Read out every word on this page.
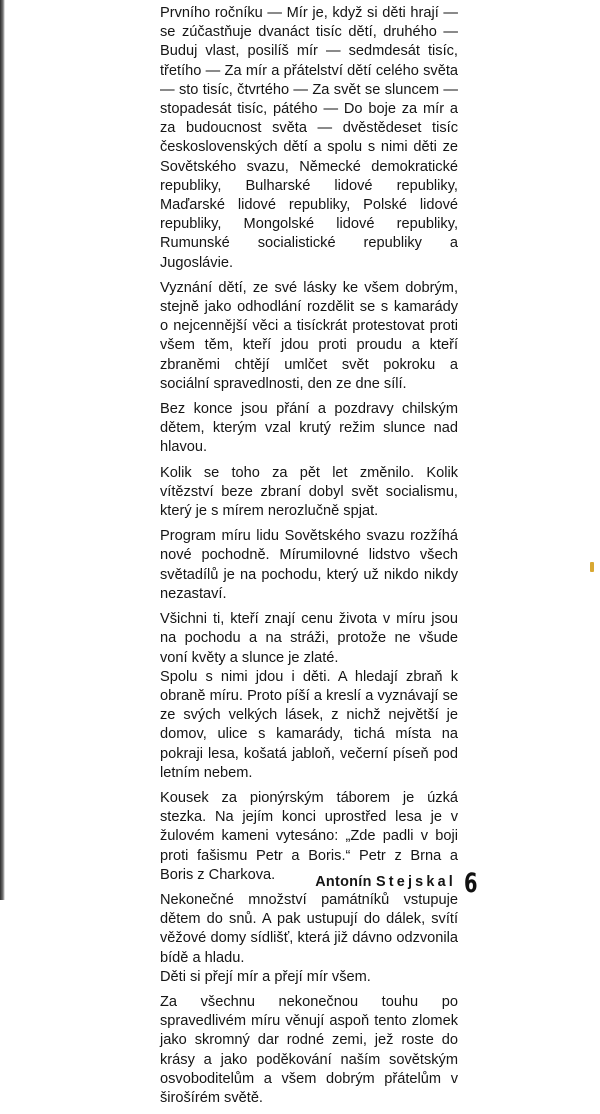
Prvního ročníku — Mír je, když si děti hrají — se zúčastňuje dvanáct tisíc dětí, druhého — Buduj vlast, posilíš mír — sedmdesát tisíc, třetího — Za mír a přátelství dětí celého světa — sto tisíc, čtvrtého — Za svět se sluncem — stopadesát tisíc, pátého — Do boje za mír a za budoucnost světa — dvěstědeset tisíc československých dětí a spolu s nimi děti ze Sovětského svazu, Německé demokratické republiky, Bulharské lidové republiky, Maďarské lidové republiky, Polské lidové republiky, Mongolské lidové republiky, Rumunské socialistické republiky a Jugoslávie.

Vyznání dětí, ze své lásky ke všem dobrým, stejně jako odhodlání rozdělit se s kamarády o nejcennější věci a tisíckrát protestovat proti všem těm, kteří jdou proti proudu a kteří zbraněmi chtějí umlčet svět pokroku a sociální spravedlnosti, den ze dne sílí.

Bez konce jsou přání a pozdravy chilským dětem, kterým vzal krutý režim slunce nad hlavou.

Kolik se toho za pět let změnilo. Kolik vítězství beze zbraní dobyl svět socialismu, který je s mírem nerozlučně spjat.

Program míru lidu Sovětského svazu rozžíhá nové pochodně. Mírumilovné lidstvo všech světadílů je na pochodu, který už nikdo nikdy nezastaví.

Všichni ti, kteří znají cenu života v míru jsou na pochodu a na stráži, protože ne všude voní květy a slunce je zlaté.

Spolu s nimi jdou i děti. A hledají zbraň k obraně míru. Proto píší a kreslí a vyznávají se ze svých velkých lásek, z nichž největší je domov, ulice s kamarády, tichá místa na pokraji lesa, košatá jabloň, večerní píseň pod letním nebem.

Kousek za pionýrským táborem je úzká stezka. Na jejím konci uprostřed lesa je v žulovém kameni vytesáno: „Zde padli v boji proti fašismu Petr a Boris.“ Petr z Brna a Boris z Charkova.

Nekonečné množství památníků vstupuje dětem do snů. A pak ustupují do dálek, svítí věžové domy sídlišť, která již dávno odzvonila bídě a hladu.

Děti si přejí mír a přejí mír všem.

Za všechnu nekonečnou touhu po spravedlivém míru věnují aspoň tento zlomek jako skromný dar rodné zemi, jež roste do krásy a jako poděkování naším sovětským osvoboditelům a všem dobrým přátelům v širošírém světě.

Antonín Stejskal 6
